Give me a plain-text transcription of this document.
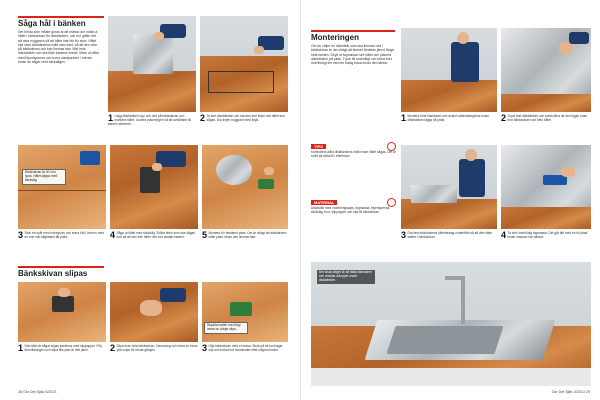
Såga hål i bänken
Det första som måste göras är att märka och mäta ut hålet i bänkskivan för diskbänken, och hur gäller det att vara noggrann så att hålet inte blir för stort. Hålet ska vara diskbänkens mått utan kant, så att den vilar på bänkskivan och kan limmas fast. Mät hela diskbänken och dra ifrån kantens bredd. Märk ut hålet med blyertspenna och borra startpunkter i hörnen innan du sågar med sticksågen.
1 Lägg diskbänken upp och ned på bänkskivan och markera hålet. Justera placeringen så att avståndet till kanten stämmer.
2 Ta bort diskbänken och rita den inre linjen där hålet ska sågas. Dra linjen noggrant med linjal.
Bänkskivan är 40 mm tjock. Hålet sågas med sticksåg.
3 Skär ett spår med hobbykniv och borra hål i hörnen med en borr där sågbladet får plats.	4 Såga ut hålet med sticksåg. Stötta biten som ska sågas bort så att den inte faller ned och skadar kanten.	5 Montera för bestämd plats. Det är viktigt att diskbänken sitter plant innan den limmas fast.
Bänkskivan slipas
Skydda kanter med tejp innan du börjar slipa.
1 När hålet är sågat slipas kanterna med slippapper. Följ fiberriktningen och slipa tills ytan är helt jämn.	2 Slipa över hela bänkskivan. Dammsug och torka av innan ytan oljas för första gången.	3 Olja bänkskivan med en trasa. Stryk på ett tunt lager olja och torka bort överskottet efter några minuter.
28 Gör Det Själv 3/2013
Monteringen
Om du väljer en diskbänk som ska limmas ned i bänkskivan är det viktigt att limmet fördelas jämnt längs hela kanten. Stryk ut fogmassa runt hålet och placera diskbänken på plats. Tryck till ordentligt och torka bort överflödigt lim med en fuktig trasa innan det härdar.
1 Montera först blandaren och anslut vattenslangarna innan diskbänken läggs på plats.	2 Tryck fast diskbänken och kontrollera att den ligger plant mot bänkskivan runt hela hålet.
TIPS
Kontrollera alltid diskbänkens mått innan hålet sågas. Det är svårt att rätta till i efterhand.
MATERIAL
Diskbänk med monteringssats, fogmassa, blyertspenna, sticksåg, borr, slippapper och olja till bänkskivan.
3 Dra fast diskbänkens klämbeslag underifrån så att den sitter säkert i bänkskivan.	4 Ta bort överflödig fogmassa. Det går lätt med en bit plast innan massan har härdat.
Det sista steget är att fästa blandaren och ansluta avloppet under diskbänken.
Gör Det Själv 3/2013 29
